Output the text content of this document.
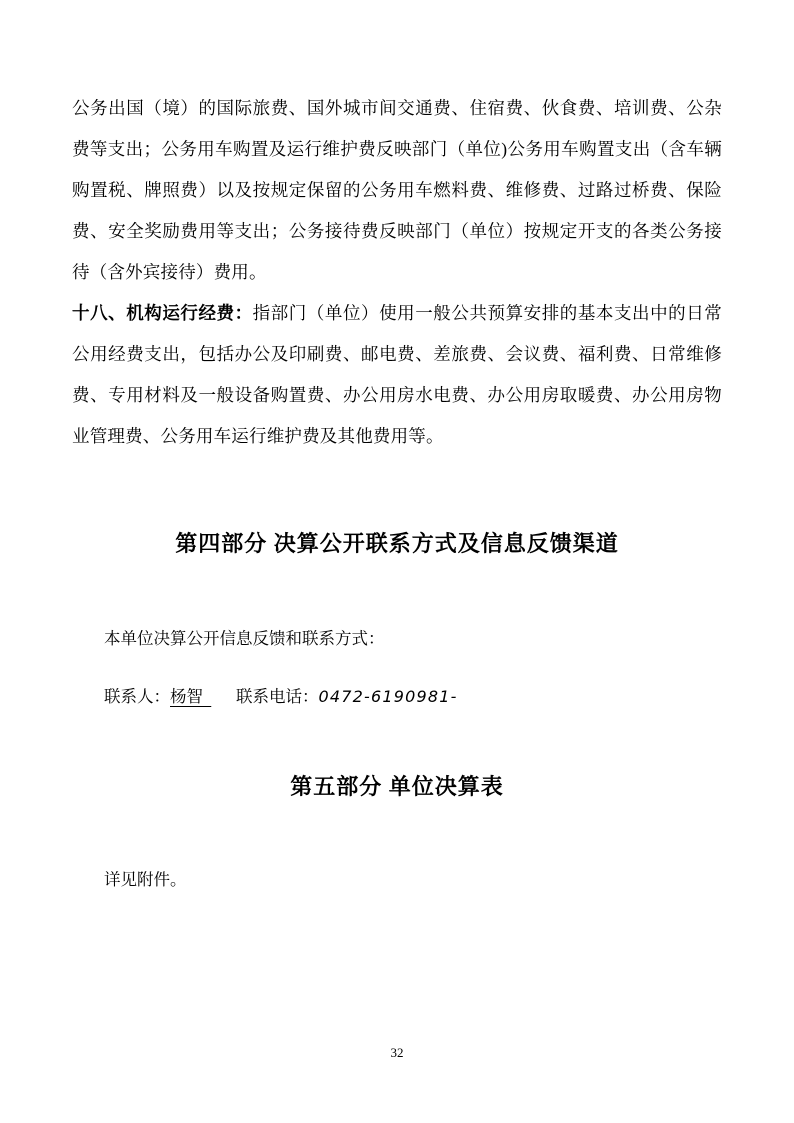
公务出国（境）的国际旅费、国外城市间交通费、住宿费、伙食费、培训费、公杂费等支出；公务用车购置及运行维护费反映部门（单位)公务用车购置支出（含车辆购置税、牌照费）以及按规定保留的公务用车燃料费、维修费、过路过桥费、保险费、安全奖励费用等支出；公务接待费反映部门（单位）按规定开支的各类公务接待（含外宾接待）费用。

十八、机构运行经费：指部门（单位）使用一般公共预算安排的基本支出中的日常公用经费支出，包括办公及印刷费、邮电费、差旅费、会议费、福利费、日常维修费、专用材料及一般设备购置费、办公用房水电费、办公用房取暖费、办公用房物业管理费、公务用车运行维护费及其他费用等。

第四部分 决算公开联系方式及信息反馈渠道
本单位决算公开信息反馈和联系方式：
联系人：杨智 联系电话：0472-6190981-
第五部分 单位决算表
详见附件。
32
